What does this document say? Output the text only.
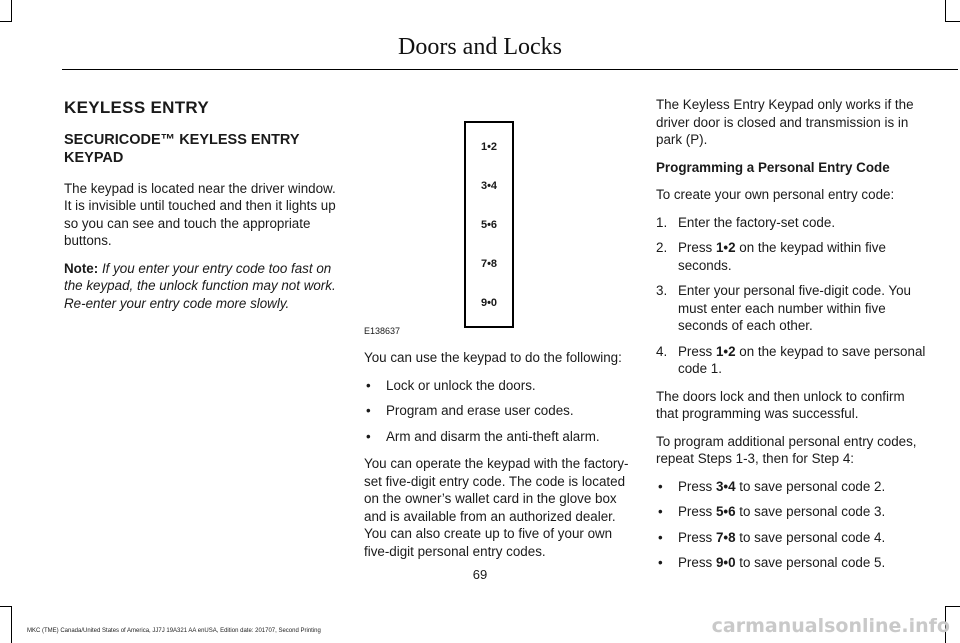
Doors and Locks
KEYLESS ENTRY
SECURICODE™ KEYLESS ENTRY KEYPAD

The keypad is located near the driver window. It is invisible until touched and then it lights up so you can see and touch the appropriate buttons.

Note: If you enter your entry code too fast on the keypad, the unlock function may not work. Re-enter your entry code more slowly.

1•2
3•4
5•6
7•8
9•0
E138637

You can use the keypad to do the following:

• Lock or unlock the doors.
• Program and erase user codes.
• Arm and disarm the anti-theft alarm.

You can operate the keypad with the factory-set five-digit entry code. The code is located on the owner’s wallet card in the glove box and is available from an authorized dealer. You can also create up to five of your own five-digit personal entry codes.

The Keyless Entry Keypad only works if the driver door is closed and transmission is in park (P).

Programming a Personal Entry Code

To create your own personal entry code:

1. Enter the factory-set code.
2. Press 1•2 on the keypad within five seconds.
3. Enter your personal five-digit code. You must enter each number within five seconds of each other.
4. Press 1•2 on the keypad to save personal code 1.

The doors lock and then unlock to confirm that programming was successful.

To program additional personal entry codes, repeat Steps 1-3, then for Step 4:

• Press 3•4 to save personal code 2.
• Press 5•6 to save personal code 3.
• Press 7•8 to save personal code 4.
• Press 9•0 to save personal code 5.
69
MKC (TME) Canada/United States of America, JJ7J 19A321 AA enUSA, Edition date: 201707, Second Printing	carmanualsonline.info
